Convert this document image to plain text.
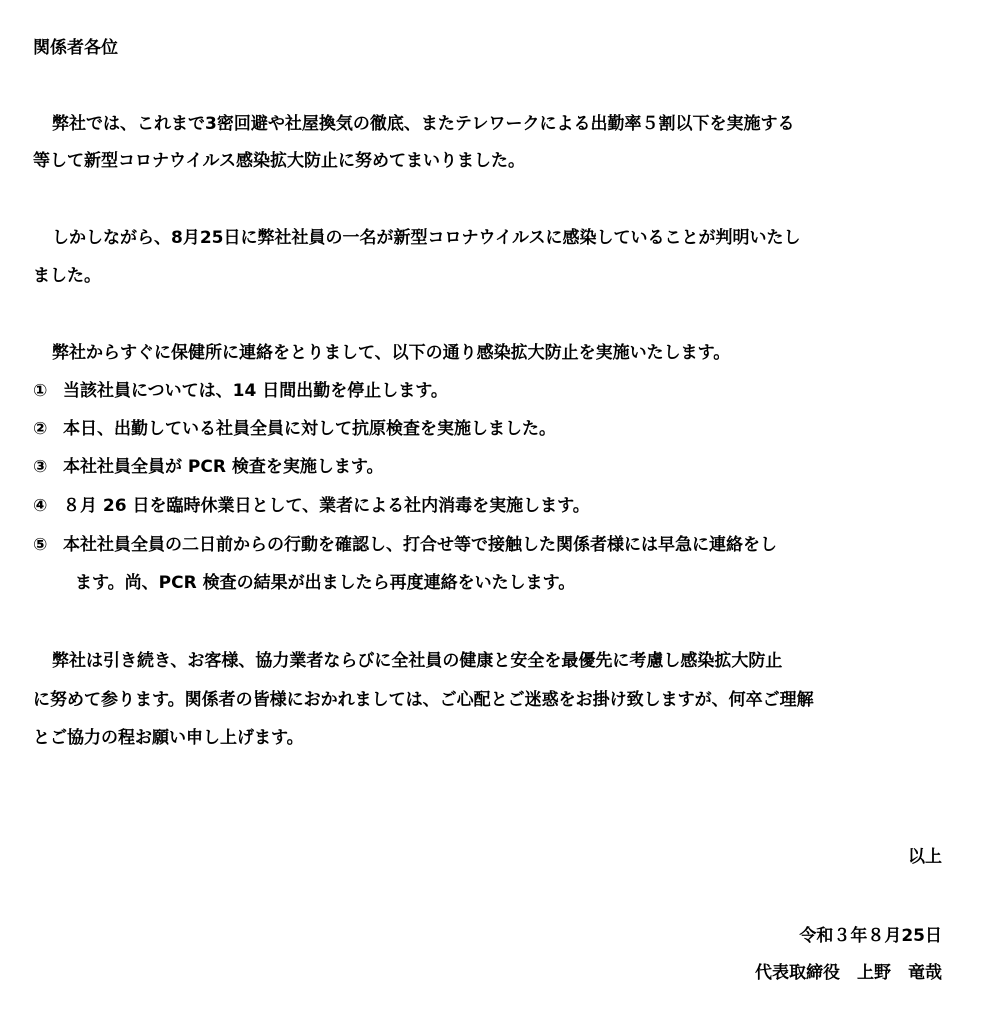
関係者各位
弊社では、これまで3密回避や社屋換気の徹底、またテレワークによる出勤率５割以下を実施する
等して新型コロナウイルス感染拡大防止に努めてまいりました。
しかしながら、8月25日に弊社社員の一名が新型コロナウイルスに感染していることが判明いたし
ました。
弊社からすぐに保健所に連絡をとりまして、以下の通り感染拡大防止を実施いたします。
① 当該社員については、14 日間出勤を停止します。
② 本日、出勤している社員全員に対して抗原検査を実施しました。
③ 本社社員全員が PCR 検査を実施します。
④ ８月 26 日を臨時休業日として、業者による社内消毒を実施します。
⑤ 本社社員全員の二日前からの行動を確認し、打合せ等で接触した関係者様には早急に連絡をし
ます。尚、PCR 検査の結果が出ましたら再度連絡をいたします。
弊社は引き続き、お客様、協力業者ならびに全社員の健康と安全を最優先に考慮し感染拡大防止
に努めて参ります。関係者の皆様におかれましては、ご心配とご迷惑をお掛け致しますが、何卒ご理解
とご協力の程お願い申し上げます。
以上
令和３年８月25日
代表取締役　上野　竜哉
